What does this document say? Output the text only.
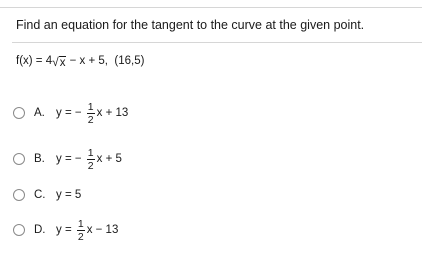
Find an equation for the tangent to the curve at the given point.
f(x) = 4 √ x − x + 5,  (16,5)
A. y = − $\frac{1}{2}$ x + 13
B. y = − $\frac{1}{2}$ x + 5
C. y = 5
D. $y = \frac{1}{2}$ x − 13
